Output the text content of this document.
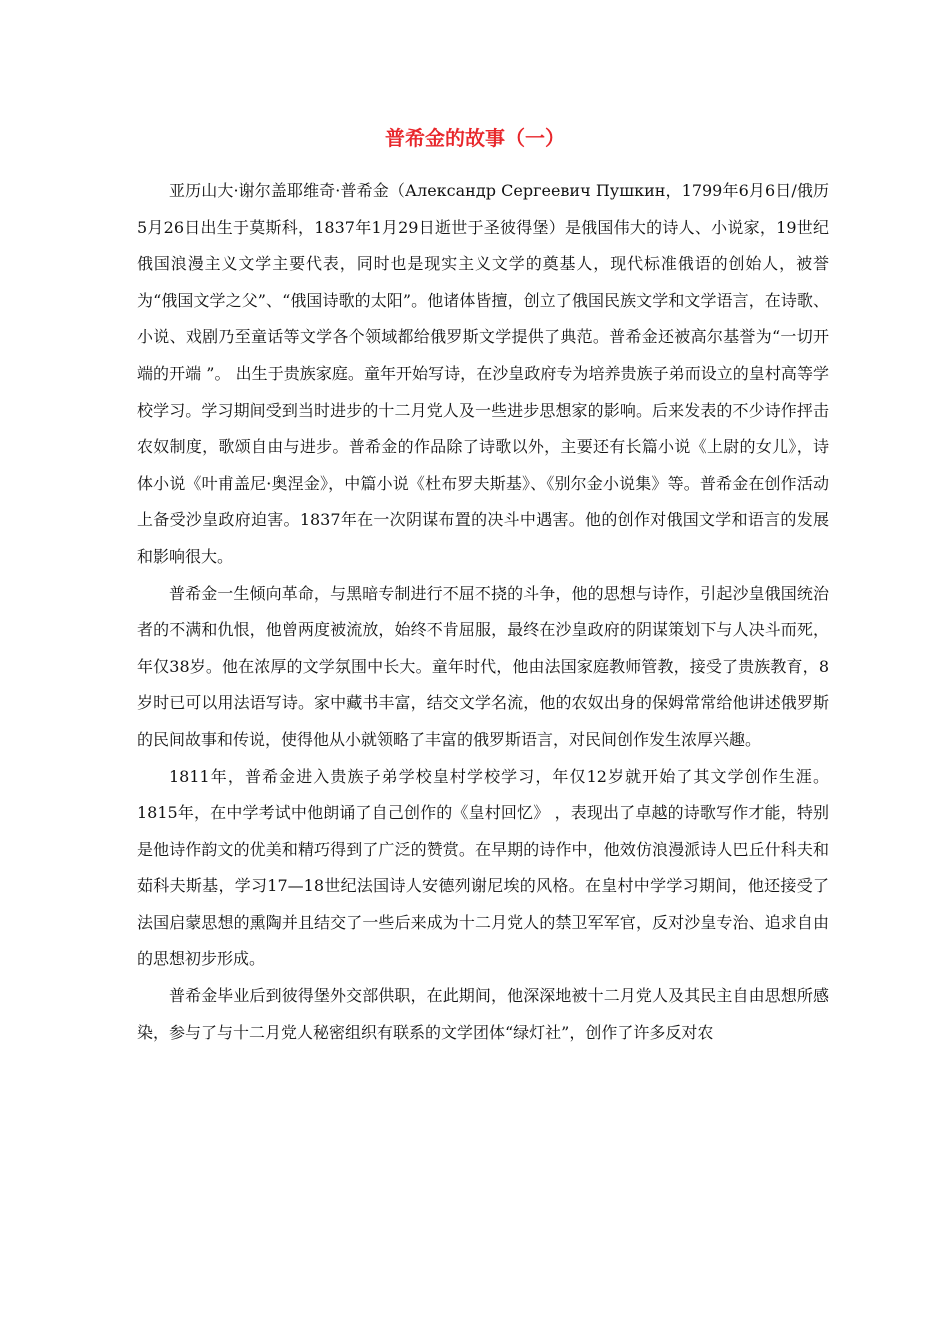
普希金的故事（一）

亚历山大·谢尔盖耶维奇·普希金（Александр Сергеевич Пушкин，1799年6月6日/俄历5月26日出生于莫斯科，1837年1月29日逝世于圣彼得堡）是俄国伟大的诗人、小说家，19世纪俄国浪漫主义文学主要代表，同时也是现实主义文学的奠基人，现代标准俄语的创始人，被誉为“俄国文学之父”、“俄国诗歌的太阳”。他诸体皆擅，创立了俄国民族文学和文学语言，在诗歌、小说、戏剧乃至童话等文学各个领域都给俄罗斯文学提供了典范。普希金还被高尔基誉为“一切开端的开端 ”。 出生于贵族家庭。童年开始写诗，在沙皇政府专为培养贵族子弟而设立的皇村高等学校学习。学习期间受到当时进步的十二月党人及一些进步思想家的影响。后来发表的不少诗作抨击农奴制度，歌颂自由与进步。普希金的作品除了诗歌以外，主要还有长篇小说《上尉的女儿》，诗体小说《叶甫盖尼·奥涅金》，中篇小说《杜布罗夫斯基》、《别尔金小说集》等。普希金在创作活动上备受沙皇政府迫害。1837年在一次阴谋布置的决斗中遇害。他的创作对俄国文学和语言的发展和影响很大。

普希金一生倾向革命，与黑暗专制进行不屈不挠的斗争，他的思想与诗作，引起沙皇俄国统治者的不满和仇恨，他曾两度被流放，始终不肯屈服，最终在沙皇政府的阴谋策划下与人决斗而死，年仅38岁。他在浓厚的文学氛围中长大。童年时代，他由法国家庭教师管教，接受了贵族教育，8岁时已可以用法语写诗。家中藏书丰富，结交文学名流，他的农奴出身的保姆常常给他讲述俄罗斯的民间故事和传说，使得他从小就领略了丰富的俄罗斯语言，对民间创作发生浓厚兴趣。

1811年，普希金进入贵族子弟学校皇村学校学习，年仅12岁就开始了其文学创作生涯。1815年，在中学考试中他朗诵了自己创作的《皇村回忆》 ，表现出了卓越的诗歌写作才能，特别是他诗作韵文的优美和精巧得到了广泛的赞赏。在早期的诗作中，他效仿浪漫派诗人巴丘什科夫和茹科夫斯基，学习17—18世纪法国诗人安德列谢尼埃的风格。在皇村中学学习期间，他还接受了法国启蒙思想的熏陶并且结交了一些后来成为十二月党人的禁卫军军官，反对沙皇专治、追求自由的思想初步形成。

普希金毕业后到彼得堡外交部供职，在此期间，他深深地被十二月党人及其民主自由思想所感染，参与了与十二月党人秘密组织有联系的文学团体“绿灯社”，创作了许多反对农
